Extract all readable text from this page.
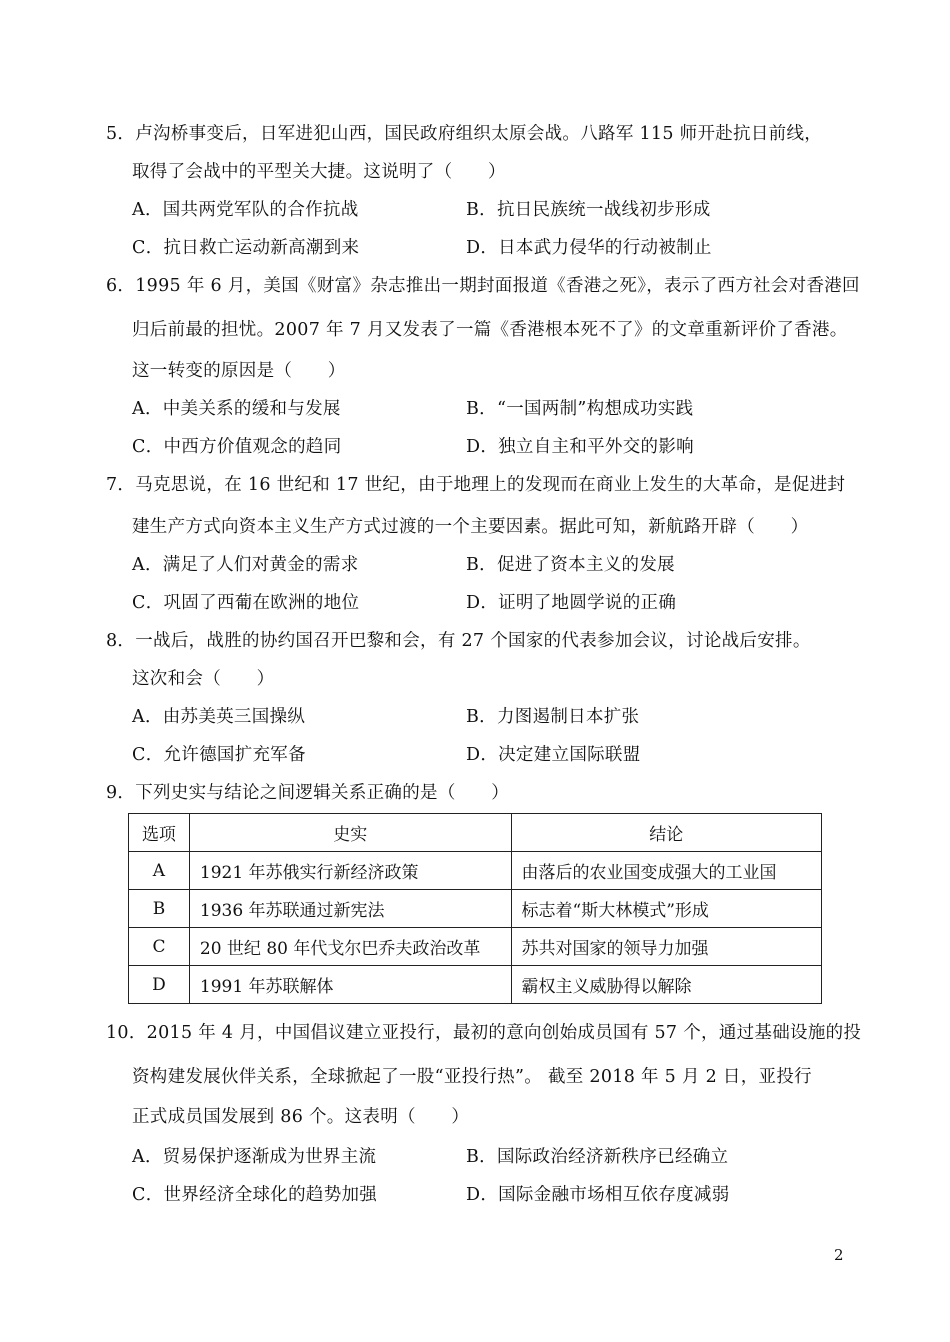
5．卢沟桥事变后，日军进犯山西，国民政府组织太原会战。八路军 115 师开赴抗日前线，
取得了会战中的平型关大捷。这说明了（　　）
A．国共两党军队的合作抗战	B．抗日民族统一战线初步形成
C．抗日救亡运动新高潮到来	D．日本武力侵华的行动被制止
6．1995 年 6 月，美国《财富》杂志推出一期封面报道《香港之死》，表示了西方社会对香港回
归后前最的担忧。2007 年 7 月又发表了一篇《香港根本死不了》的文章重新评价了香港。
这一转变的原因是（　　）
A．中美关系的缓和与发展	B．“一国两制”构想成功实践
C．中西方价值观念的趋同	D．独立自主和平外交的影响
7．马克思说，在 16 世纪和 17 世纪，由于地理上的发现而在商业上发生的大革命，是促进封
建生产方式向资本主义生产方式过渡的一个主要因素。据此可知，新航路开辟（　　）
A．满足了人们对黄金的需求	B．促进了资本主义的发展
C．巩固了西葡在欧洲的地位	D．证明了地圆学说的正确
8．一战后，战胜的协约国召开巴黎和会，有 27 个国家的代表参加会议，讨论战后安排。
这次和会（　　）
A．由苏美英三国操纵	B．力图遏制日本扩张
C．允许德国扩充军备	D．决定建立国际联盟
9．下列史实与结论之间逻辑关系正确的是（　　）
选项	史实	结论
A	1921 年苏俄实行新经济政策	由落后的农业国变成强大的工业国
B	1936 年苏联通过新宪法	标志着“斯大林模式”形成
C	20 世纪 80 年代戈尔巴乔夫政治改革	苏共对国家的领导力加强
D	1991 年苏联解体	霸权主义威胁得以解除
10．2015 年 4 月，中国倡议建立亚投行，最初的意向创始成员国有 57 个，通过基础设施的投
资构建发展伙伴关系，全球掀起了一股“亚投行热”。 截至 2018 年 5 月 2 日，亚投行
正式成员国发展到 86 个。这表明（　　）
A．贸易保护逐渐成为世界主流	B．国际政治经济新秩序已经确立
C．世界经济全球化的趋势加强	D．国际金融市场相互依存度减弱
2
